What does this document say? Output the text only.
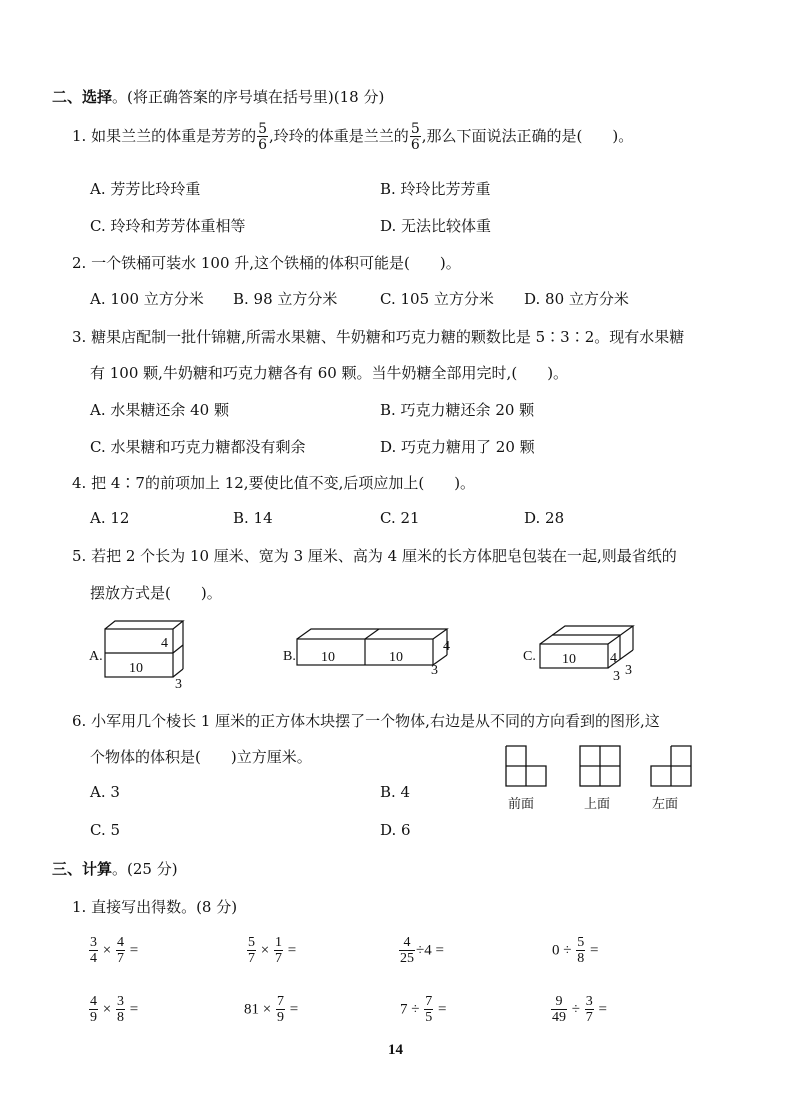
二、选择。(将正确答案的序号填在括号里)(18 分)
1. 如果兰兰的体重是芳芳的 $\frac{5}{6}$ ,玲玲的体重是兰兰的 $\frac{5}{6}$ ,那么下面说法正确的是( )。
A. 芳芳比玲玲重	B. 玲玲比芳芳重
C. 玲玲和芳芳体重相等	D. 无法比较体重
2. 一个铁桶可装水 100 升,这个铁桶的体积可能是( )。
A. 100 立方分米 B. 98 立方分米	C. 105 立方分米 D. 80 立方分米
3. 糖果店配制一批什锦糖,所需水果糖、牛奶糖和巧克力糖的颗数比是 5∶3∶2。现有水果糖
有 100 颗,牛奶糖和巧克力糖各有 60 颗。当牛奶糖全部用完时,( )。
A. 水果糖还余 40 颗	B. 巧克力糖还余 20 颗
C. 水果糖和巧克力糖都没有剩余	D. 巧克力糖用了 20 颗
4. 把 4∶7的前项加上 12,要使比值不变,后项应加上( )。
A. 12	B. 14	C. 21	D. 28
5. 若把 2 个长为 10 厘米、宽为 3 厘米、高为 4 厘米的长方体肥皂包装在一起,则最省纸的
摆放方式是( )。
A.
4
10
3
B. 10	10
4
3
C. 10 4
3 3
6. 小军用几个棱长 1 厘米的正方体木块摆了一个物体,右边是从不同的方向看到的图形,这
个物体的体积是( )立方厘米。
A. 3	B. 4
C. 5	D. 6
前面	上面	左面
三、计算。(25 分)
1. 直接写出得数。(8 分)
$\frac{3}{4} \times \frac{4}{7}$ =	$\frac{5}{7} \times \frac{1}{7}$ =	$\frac{4}{25} \div 4$ =	$0 \div \frac{5}{8}$ =
$\frac{4}{9} \times \frac{3}{8}$ =	$81 \times \frac{7}{9}$ =	$7 \div \frac{7}{5}$ =	$\frac{9}{49} \div \frac{3}{7}$ =
14
